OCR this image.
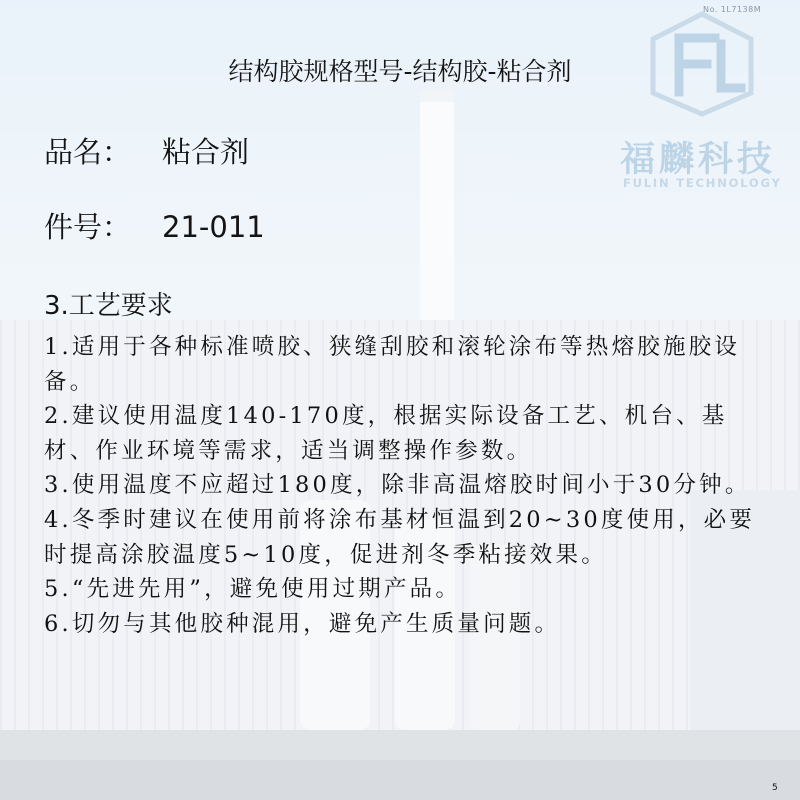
No. 1L7138M
福麟科技
FULIN TECHNOLOGY
结构胶规格型号-结构胶-粘合剂
品名： 粘合剂
件号： 21-011
3.工艺要求

1.适用于各种标准喷胶、狭缝刮胶和滚轮涂布等热熔胶施胶设备。

2.建议使用温度140-170度，根据实际设备工艺、机台、基材、作业环境等需求，适当调整操作参数。

3.使用温度不应超过180度，除非高温熔胶时间小于30分钟。

4.冬季时建议在使用前将涂布基材恒温到20~30度使用，必要时提高涂胶温度5~10度，促进剂冬季粘接效果。

5.“先进先用”，避免使用过期产品。

6.切勿与其他胶种混用，避免产生质量问题。

5
